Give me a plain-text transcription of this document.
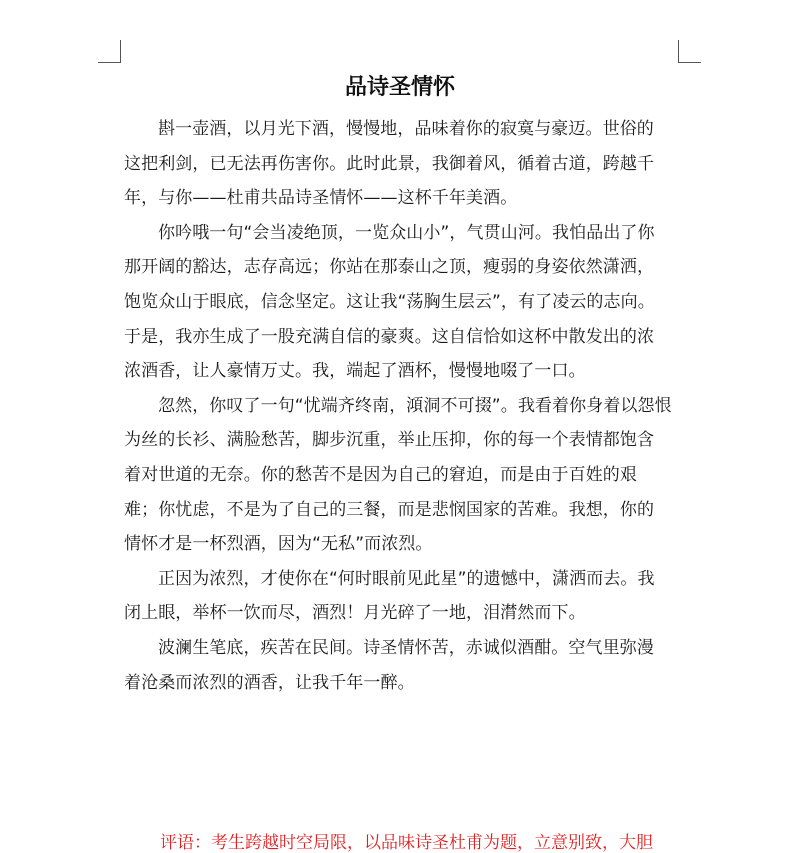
品诗圣情怀
斟一壶酒，以月光下酒，慢慢地，品味着你的寂寞与豪迈。世俗的
这把利剑，已无法再伤害你。此时此景，我御着风，循着古道，跨越千
年，与你——杜甫共品诗圣情怀——这杯千年美酒。
你吟哦一句“会当凌绝顶，一览众山小”，气贯山河。我怕品出了你
那开阔的豁达，志存高远；你站在那泰山之顶，瘦弱的身姿依然潇洒，
饱览众山于眼底，信念坚定。这让我“荡胸生层云”，有了凌云的志向。
于是，我亦生成了一股充满自信的豪爽。这自信恰如这杯中散发出的浓
浓酒香，让人豪情万丈。我，端起了酒杯，慢慢地啜了一口。
忽然，你叹了一句“忧端齐终南，澒洞不可掇”。我看着你身着以怨恨
为丝的长衫、满脸愁苦，脚步沉重，举止压抑，你的每一个表情都饱含
着对世道的无奈。你的愁苦不是因为自己的窘迫，而是由于百姓的艰
难；你忧虑，不是为了自己的三餐，而是悲悯国家的苦难。我想，你的
情怀才是一杯烈酒，因为“无私”而浓烈。
正因为浓烈，才使你在“何时眼前见此星”的遗憾中，潇洒而去。我
闭上眼，举杯一饮而尽，酒烈！月光碎了一地，泪潸然而下。
波澜生笔底，疾苦在民间。诗圣情怀苦，赤诚似酒酣。空气里弥漫
着沧桑而浓烈的酒香，让我千年一醉。
评语：考生跨越时空局限，以品味诗圣杜甫为题，立意别致，大胆
